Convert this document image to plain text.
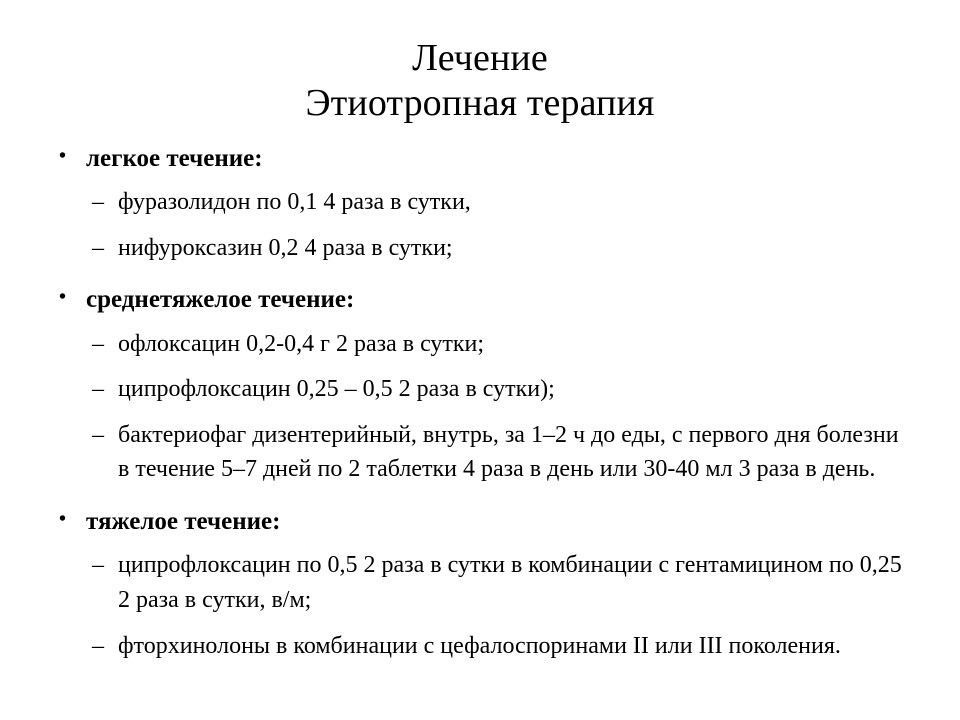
Лечение
Этиотропная терапия
• легкое течение:
– фуразолидон по 0,1 4 раза в сутки,
– нифуроксазин 0,2 4 раза в сутки;
• среднетяжелое течение:
– офлоксацин 0,2-0,4 г 2 раза в сутки;
– ципрофлоксацин 0,25 – 0,5 2 раза в сутки);
– бактериофаг дизентерийный, внутрь, за 1–2 ч до еды, с первого дня болезни в течение 5–7 дней по 2 таблетки 4 раза в день или 30-40 мл 3 раза в день.
• тяжелое течение:
– ципрофлоксацин по 0,5 2 раза в сутки в комбинации с гентамицином по 0,25 2 раза в сутки, в/м;
– фторхинолоны в комбинации с цефалоспоринами II или III поколения.
